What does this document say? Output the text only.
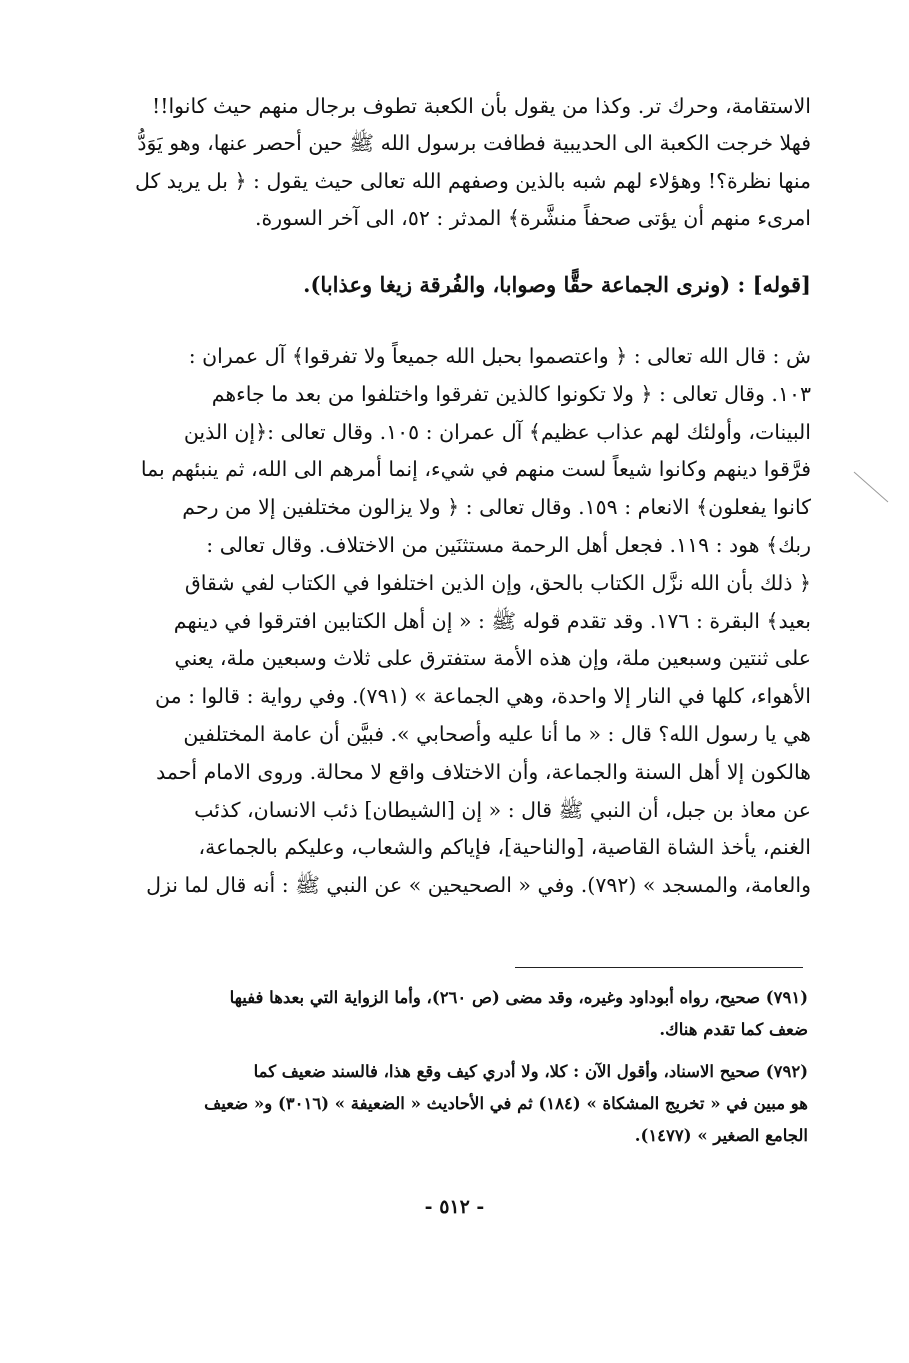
الاستقامة، وحرك تر. وكذا من يقول بأن الكعبة تطوف برجال منهم حيث كانوا!!
فهلا خرجت الكعبة الى الحديبية فطافت برسول الله ﷺ حين أحصر عنها، وهو يَوَدُّ
منها نظرة؟! وهؤلاء لهم شبه بالذين وصفهم الله تعالى حيث يقول : ﴿ بل يريد كل
امرىء منهم أن يؤتى صحفاً منشَّرة﴾ المدثر : ٥٢، الى آخر السورة.
[قوله] : (ونرى الجماعة حقًّا وصوابا، والفُرقة زيغا وعذابا).
ش : قال الله تعالى : ﴿ واعتصموا بحبل الله جميعاً ولا تفرقوا﴾ آل عمران :
١٠٣. وقال تعالى : ﴿ ولا تكونوا كالذين تفرقوا واختلفوا من بعد ما جاءهم
البينات، وأولئك لهم عذاب عظيم﴾ آل عمران : ١٠٥. وقال تعالى :﴿إن الذين
فرَّقوا دينهم وكانوا شيعاً لست منهم في شيء، إنما أمرهم الى الله، ثم ينبئهم بما
كانوا يفعلون﴾ الانعام : ١٥٩. وقال تعالى : ﴿ ولا يزالون مختلفين إلا من رحم
ربك﴾ هود : ١١٩. فجعل أهل الرحمة مستثنَين من الاختلاف. وقال تعالى :
﴿ ذلك بأن الله نزَّل الكتاب بالحق، وإن الذين اختلفوا في الكتاب لفي شقاق
بعيد﴾ البقرة : ١٧٦. وقد تقدم قوله ﷺ : « إن أهل الكتابين افترقوا في دينهم
على ثنتين وسبعين ملة، وإن هذه الأمة ستفترق على ثلاث وسبعين ملة، يعني
الأهواء، كلها في النار إلا واحدة، وهي الجماعة » (٧٩١). وفي رواية : قالوا : من
هي يا رسول الله؟ قال : « ما أنا عليه وأصحابي ». فبيَّن أن عامة المختلفين
هالكون إلا أهل السنة والجماعة، وأن الاختلاف واقع لا محالة. وروى الامام أحمد
عن معاذ بن جبل، أن النبي ﷺ قال : « إن [الشيطان] ذئب الانسان، كذئب
الغنم، يأخذ الشاة القاصية، [والناحية]، فإياكم والشعاب، وعليكم بالجماعة،
والعامة، والمسجد » (٧٩٢). وفي « الصحيحين » عن النبي ﷺ : أنه قال لما نزل
(٧٩١) صحيح، رواه أبوداود وغيره، وقد مضى (ص ٢٦٠)، وأما الزواية التي بعدها ففيها
ضعف كما تقدم هناك.
(٧٩٢) صحيح الاسناد، وأقول الآن : كلا، ولا أدري كيف وقع هذا، فالسند ضعيف كما
هو مبين في « تخريج المشكاة » (١٨٤) ثم في الأحاديث « الضعيفة » (٣٠١٦) و« ضعيف
الجامع الصغير » (١٤٧٧).
- ٥١٢ -
